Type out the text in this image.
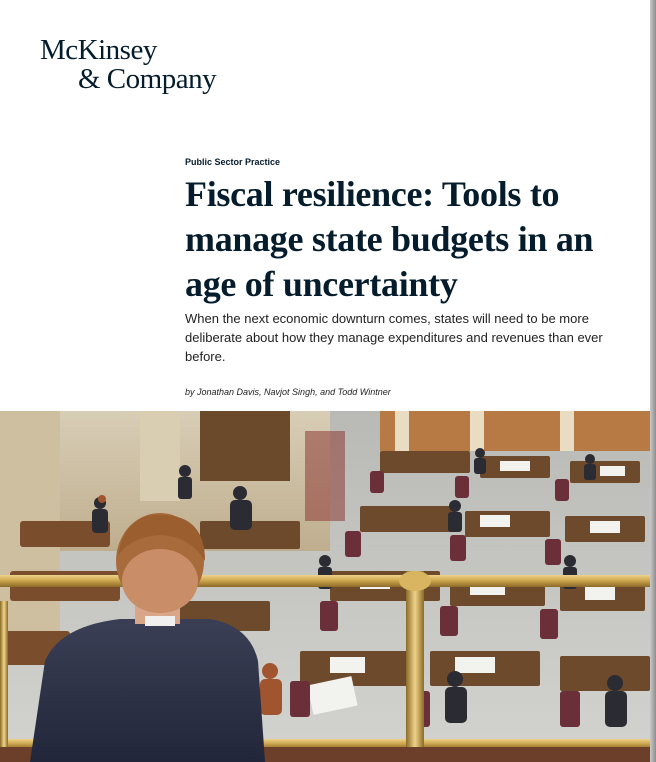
McKinsey
& Company
Public Sector Practice
Fiscal resilience: Tools to manage state budgets in an age of uncertainty

When the next economic downturn comes, states will need to be more deliberate about how they manage expenditures and revenues than ever before.

by Jonathan Davis, Navjot Singh, and Todd Wintner
